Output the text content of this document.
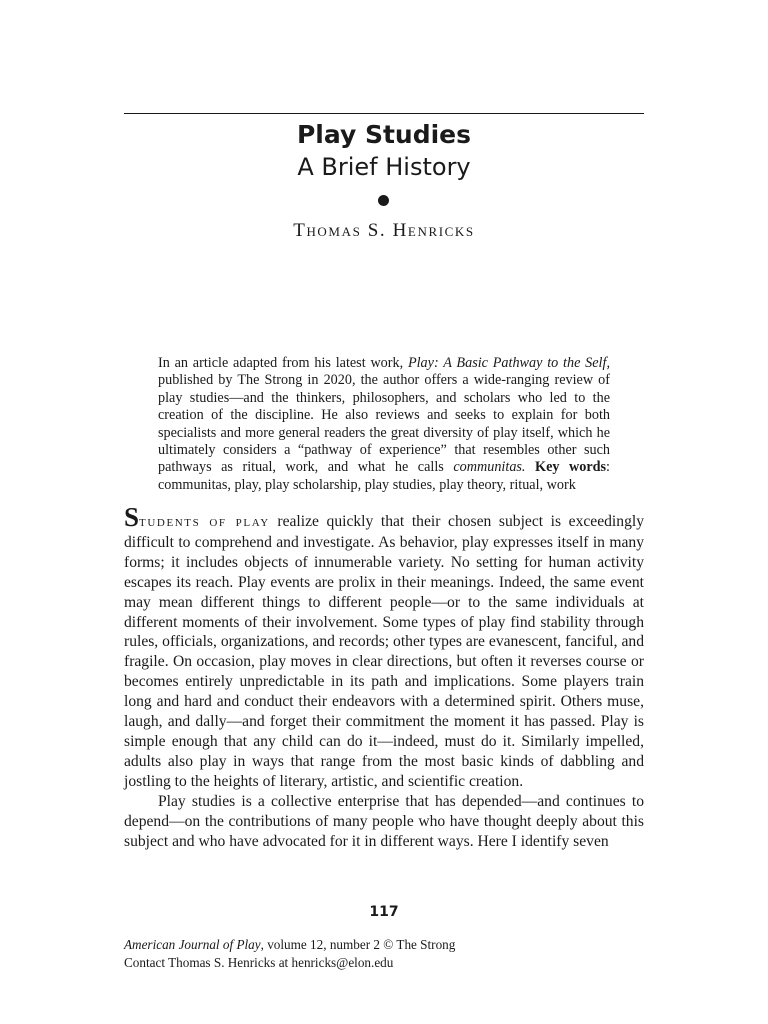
Play Studies
A Brief History
Thomas S. Henricks

In an article adapted from his latest work, Play: A Basic Pathway to the Self, published by The Strong in 2020, the author offers a wide-ranging review of play studies—and the thinkers, philosophers, and scholars who led to the creation of the discipline. He also reviews and seeks to explain for both specialists and more general readers the great diversity of play itself, which he ultimately considers a “pathway of experience” that resembles other such pathways as ritual, work, and what he calls communitas. Key words: communitas, play, play scholarship, play studies, play theory, ritual, work

Students of play realize quickly that their chosen subject is exceedingly difficult to comprehend and investigate. As behavior, play expresses itself in many forms; it includes objects of innumerable variety. No setting for human activity escapes its reach. Play events are prolix in their meanings. Indeed, the same event may mean different things to different people—or to the same individuals at different moments of their involvement. Some types of play find stability through rules, officials, organizations, and records; other types are evanescent, fanciful, and fragile. On occasion, play moves in clear directions, but often it reverses course or becomes entirely unpredictable in its path and implications. Some players train long and hard and conduct their endeavors with a determined spirit. Others muse, laugh, and dally—and forget their commitment the moment it has passed. Play is simple enough that any child can do it—indeed, must do it. Similarly impelled, adults also play in ways that range from the most basic kinds of dabbling and jostling to the heights of literary, artistic, and scientific creation.

Play studies is a collective enterprise that has depended—and continues to depend—on the contributions of many people who have thought deeply about this subject and who have advocated for it in different ways. Here I identify seven

117
American Journal of Play, volume 12, number 2 © The Strong
Contact Thomas S. Henricks at henricks@elon.edu
